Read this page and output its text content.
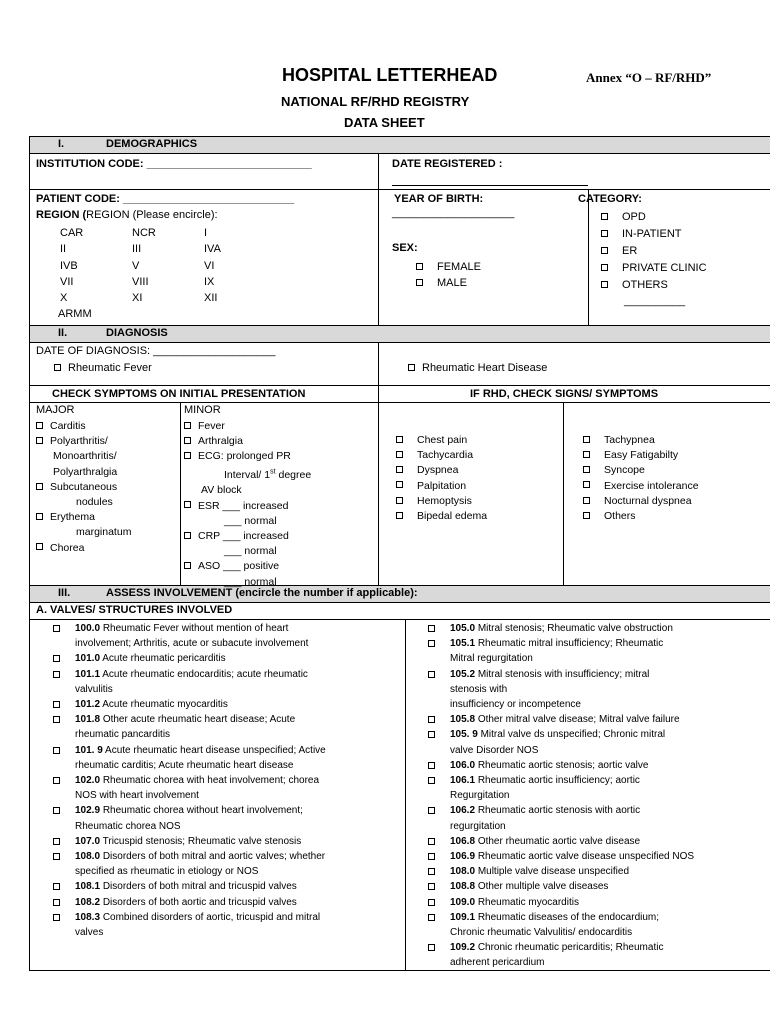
HOSPITAL LETTERHEAD	Annex “O – RF/RHD”
NATIONAL RF/RHD REGISTRY
DATA SHEET
I.	DEMOGRAPHICS
INSTITUTION CODE: ___________________________	DATE REGISTERED :
PATIENT CODE: ____________________________
REGION (REGION (Please encircle):
CAR	NCR	I
II	III	IVA
IVB	V	VI
VII	VIII	IX
X	XI	XII
ARMM
YEAR OF BIRTH:
____________________
SEX:
FEMALE
MALE
CATEGORY:
OPD
IN-PATIENT
ER
PRIVATE CLINIC
OTHERS
__________
II.	DIAGNOSIS
DATE OF DIAGNOSIS: ____________________
Rheumatic Fever	Rheumatic Heart Disease
CHECK SYMPTOMS ON INITIAL PRESENTATION	IF RHD, CHECK SIGNS/ SYMPTOMS
MAJOR	MINOR
Carditis
Polyarthritis/
Monoarthritis/
Polyarthralgia
Subcutaneous
nodules
Erythema
marginatum
Chorea
Fever
Arthralgia
ECG: prolonged PR
Interval/ 1st degree
AV block
ESR ___ increased
___ normal
CRP ___ increased
___ normal
ASO ___ positive
___ normal
Chest pain
Tachycardia
Dyspnea
Palpitation
Hemoptysis
Bipedal edema
Tachypnea
Easy Fatigabilty
Syncope
Exercise intolerance
Nocturnal dyspnea
Others
III.	ASSESS INVOLVEMENT (encircle the number if applicable):
A. VALVES/ STRUCTURES INVOLVED
100.0 Rheumatic Fever without mention of heart
involvement; Arthritis, acute or subacute involvement
101.0 Acute rheumatic pericarditis
101.1 Acute rheumatic endocarditis; acute rheumatic
valvulitis
101.2 Acute rheumatic myocarditis
101.8 Other acute rheumatic heart disease; Acute
rheumatic pancarditis
101. 9 Acute rheumatic heart disease unspecified; Active
rheumatic carditis; Acute rheumatic heart disease
102.0 Rheumatic chorea with heat involvement; chorea
NOS with heart involvement
102.9 Rheumatic chorea without heart involvement;
Rheumatic chorea NOS
107.0 Tricuspid stenosis; Rheumatic valve stenosis
108.0 Disorders of both mitral and aortic valves; whether
specified as rheumatic in etiology or NOS
108.1 Disorders of both mitral and tricuspid valves
108.2 Disorders of both aortic and tricuspid valves
108.3 Combined disorders of aortic, tricuspid and mitral
valves
105.0 Mitral stenosis; Rheumatic valve obstruction
105.1 Rheumatic mitral insufficiency; Rheumatic
Mitral regurgitation
105.2 Mitral stenosis with insufficiency; mitral
stenosis with
insufficiency or incompetence
105.8 Other mitral valve disease; Mitral valve failure
105. 9 Mitral valve ds unspecified; Chronic mitral
valve Disorder NOS
106.0 Rheumatic aortic stenosis; aortic valve
106.1 Rheumatic aortic insufficiency; aortic
Regurgitation
106.2 Rheumatic aortic stenosis with aortic
regurgitation
106.8 Other rheumatic aortic valve disease
106.9 Rheumatic aortic valve disease unspecified NOS
108.0 Multiple valve disease unspecified
108.8 Other multiple valve diseases
109.0 Rheumatic myocarditis
109.1 Rheumatic diseases of the endocardium;
Chronic rheumatic Valvulitis/ endocarditis
109.2 Chronic rheumatic pericarditis; Rheumatic
adherent pericardium
